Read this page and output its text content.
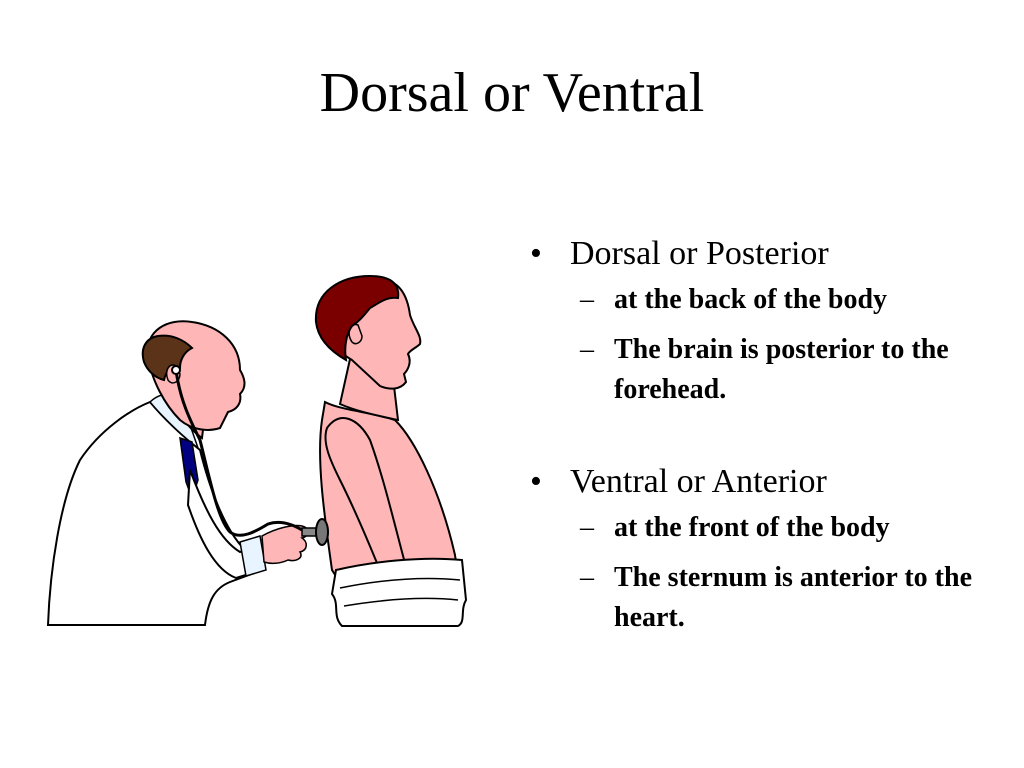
Dorsal or Ventral
• Dorsal or Posterior
– at the back of the body
– The brain is posterior to the forehead.
• Ventral or Anterior
– at the front of the body
– The sternum is anterior to the heart.
